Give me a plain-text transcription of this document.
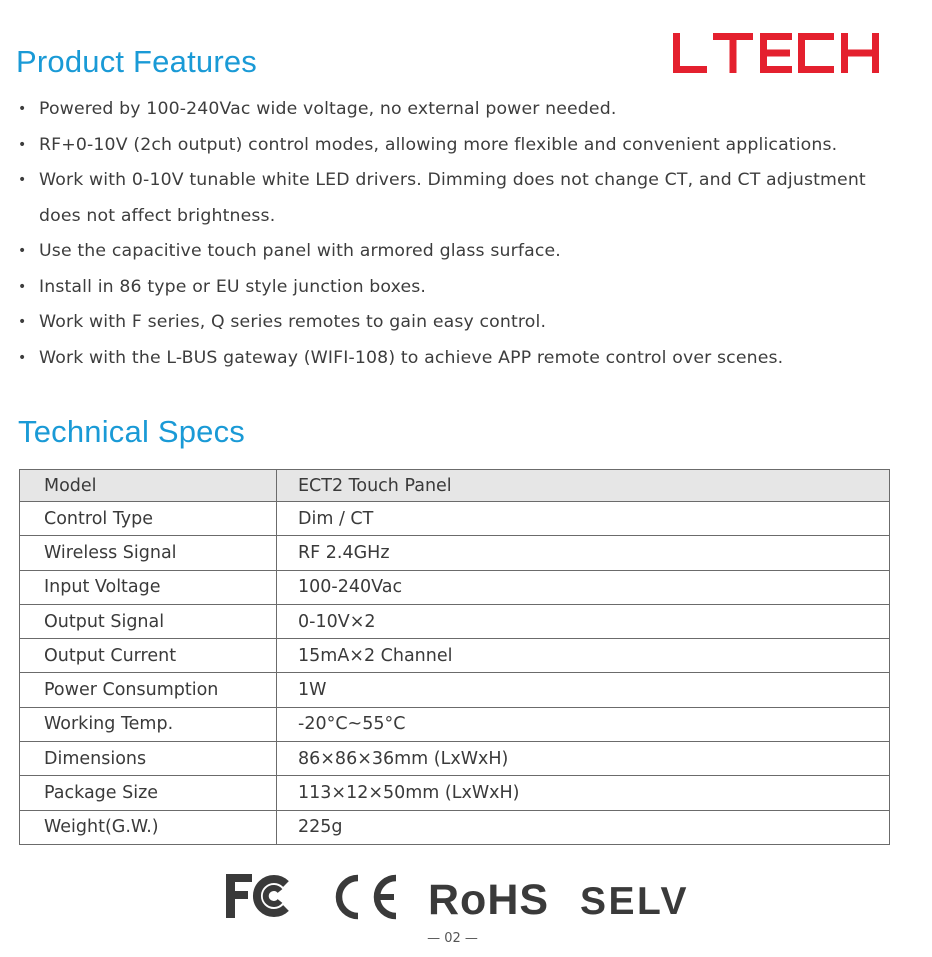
Product Features
• Powered by 100-240Vac wide voltage, no external power needed.
• RF+0-10V (2ch output) control modes, allowing more flexible and convenient applications.
• Work with 0-10V tunable white LED drivers. Dimming does not change CT, and CT adjustment does not affect brightness.
• Use the capacitive touch panel with armored glass surface.
• Install in 86 type or EU style junction boxes.
• Work with F series, Q series remotes to gain easy control.
• Work with the L-BUS gateway (WIFI-108) to achieve APP remote control over scenes.
Technical Specs
Model	ECT2 Touch Panel
Control Type	Dim / CT
Wireless Signal	RF 2.4GHz
Input Voltage	100-240Vac
Output Signal	0-10V×2
Output Current	15mA×2 Channel
Power Consumption	1W
Working Temp.	-20°C~55°C
Dimensions	86×86×36mm (LxWxH)
Package Size	113×12×50mm (LxWxH)
Weight(G.W.)	225g
RoHS SELV
— 02 —
